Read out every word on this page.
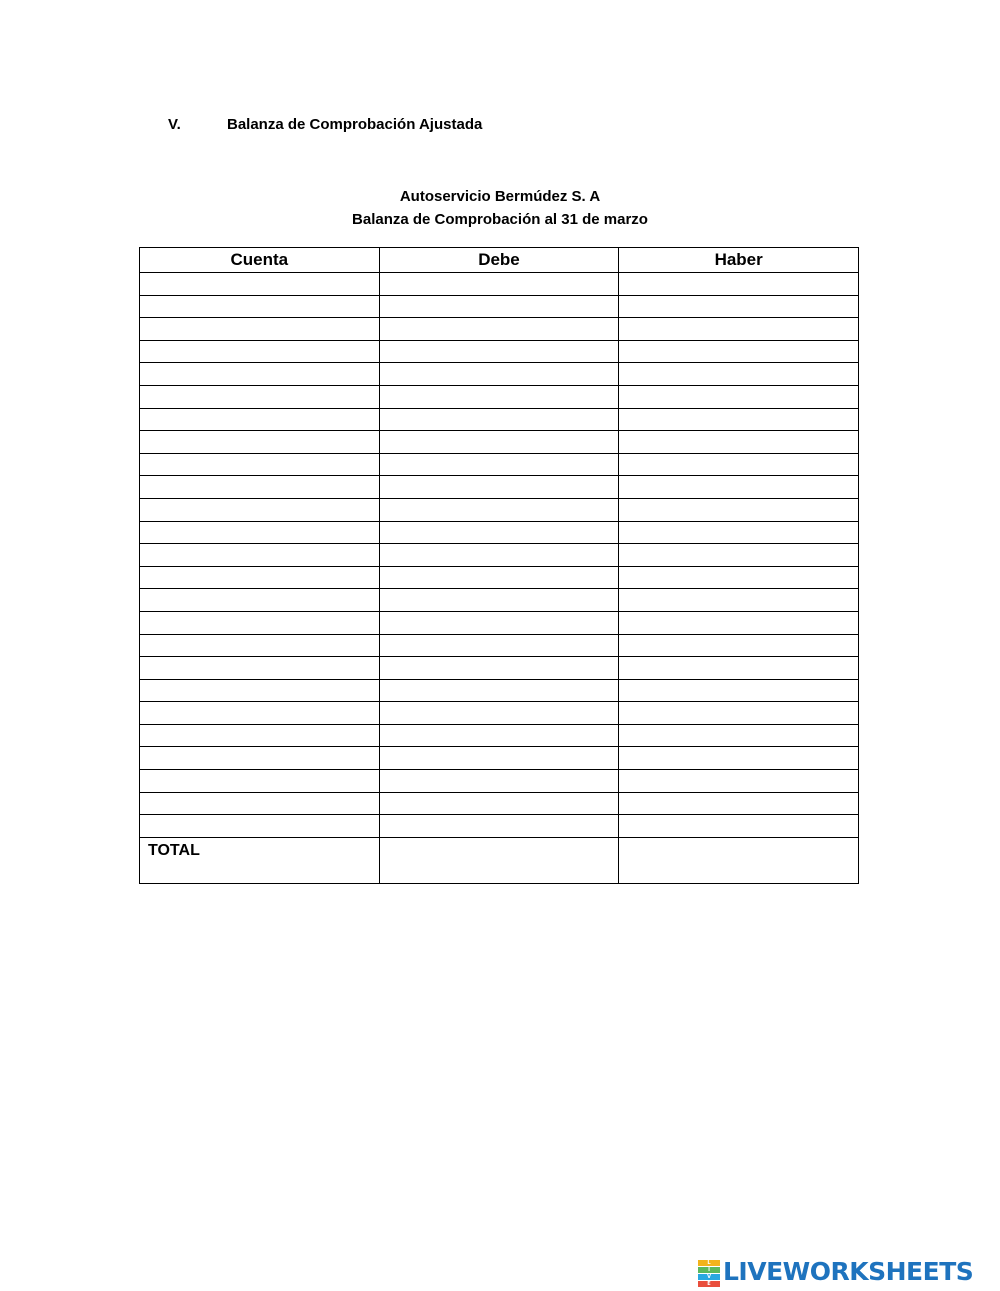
V.	Balanza de Comprobación Ajustada
Autoservicio Bermúdez S. A
Balanza de Comprobación al 31 de marzo
Cuenta	Debe	Haber

TOTAL		

L
I
V
E LIVEWORKSHEETS
